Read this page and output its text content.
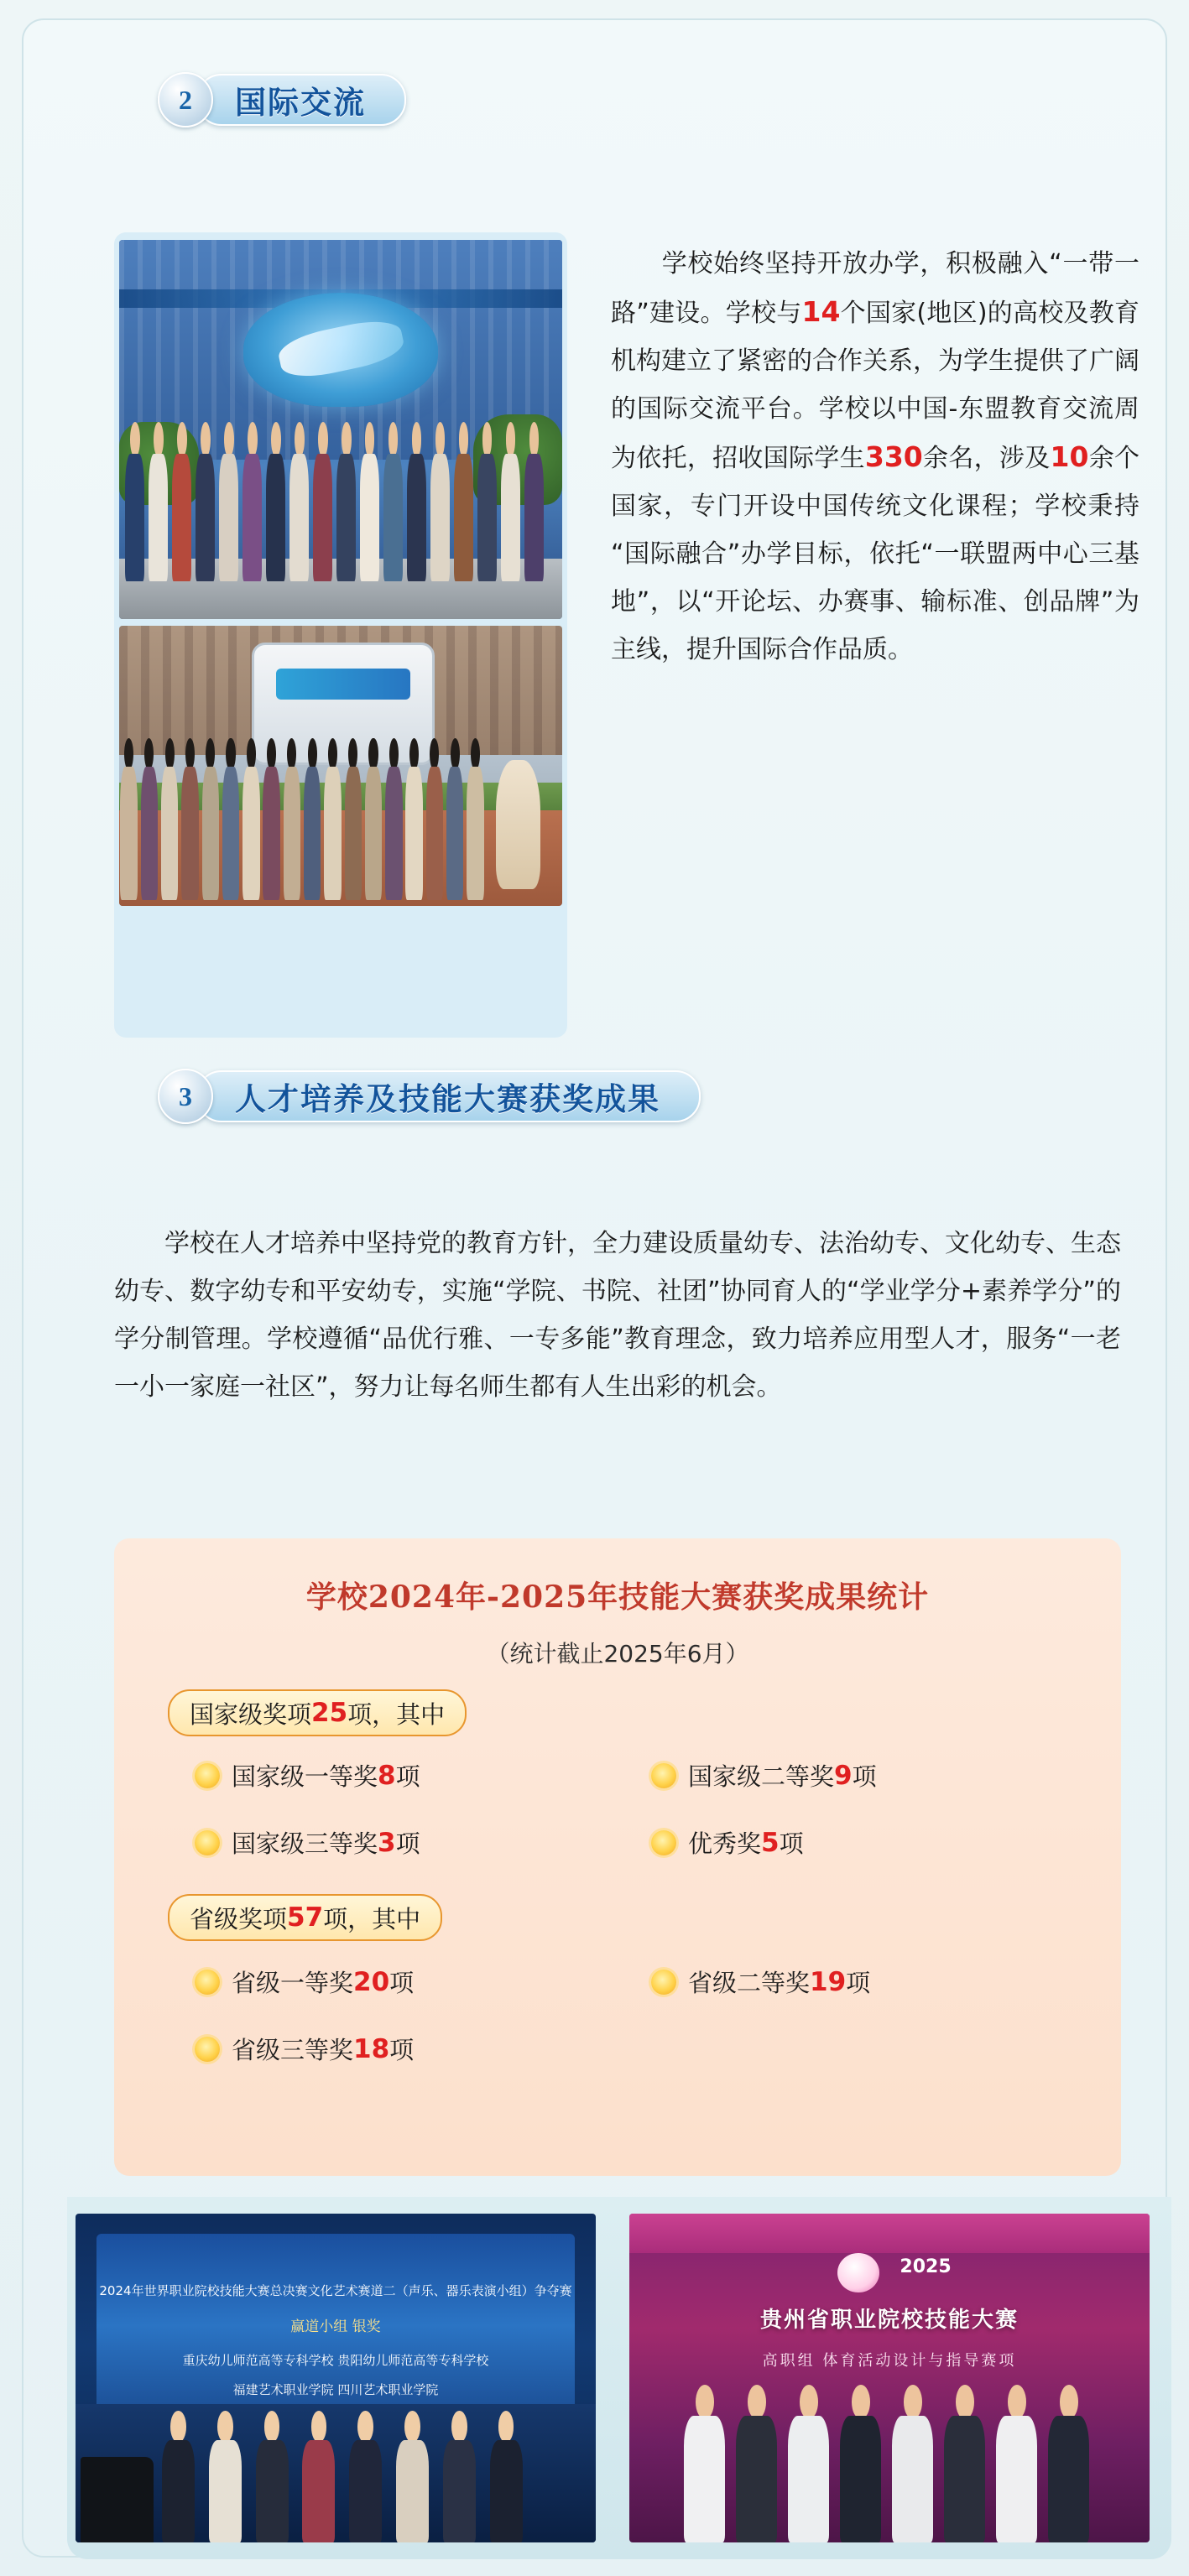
2	国际交流
学校始终坚持开放办学，积极融入“一带一路”建设。学校与14个国家(地区)的高校及教育机构建立了紧密的合作关系，为学生提供了广阔的国际交流平台。学校以中国-东盟教育交流周为依托，招收国际学生330余名，涉及10余个国家，专门开设中国传统文化课程；学校秉持“国际融合”办学目标，依托“一联盟两中心三基地”，以“开论坛、办赛事、输标准、创品牌”为主线，提升国际合作品质。
3	人才培养及技能大赛获奖成果
学校在人才培养中坚持党的教育方针，全力建设质量幼专、法治幼专、文化幼专、生态幼专、数字幼专和平安幼专，实施“学院、书院、社团”协同育人的“学业学分+素养学分”的学分制管理。学校遵循“品优行雅、一专多能”教育理念，致力培养应用型人才，服务“一老一小一家庭一社区”，努力让每名师生都有人生出彩的机会。
学校2024年-2025年技能大赛获奖成果统计
（统计截止2025年6月）
国家级奖项 25 项，其中
国家级一等奖 8 项	国家级二等奖 9 项
国家级三等奖 3 项	优秀奖 5 项
省级奖项 57 项，其中
省级一等奖 20 项	省级二等奖 19 项
省级三等奖 18 项
2024年世界职业院校技能大赛总决赛文化艺术赛道二（声乐、器乐表演小组）争夺赛
赢道小组 银奖
重庆幼儿师范高等专科学校 贵阳幼儿师范高等专科学校
福建艺术职业学院 四川艺术职业学院
2025
贵州省职业院校技能大赛
高职组 体育活动设计与指导赛项
